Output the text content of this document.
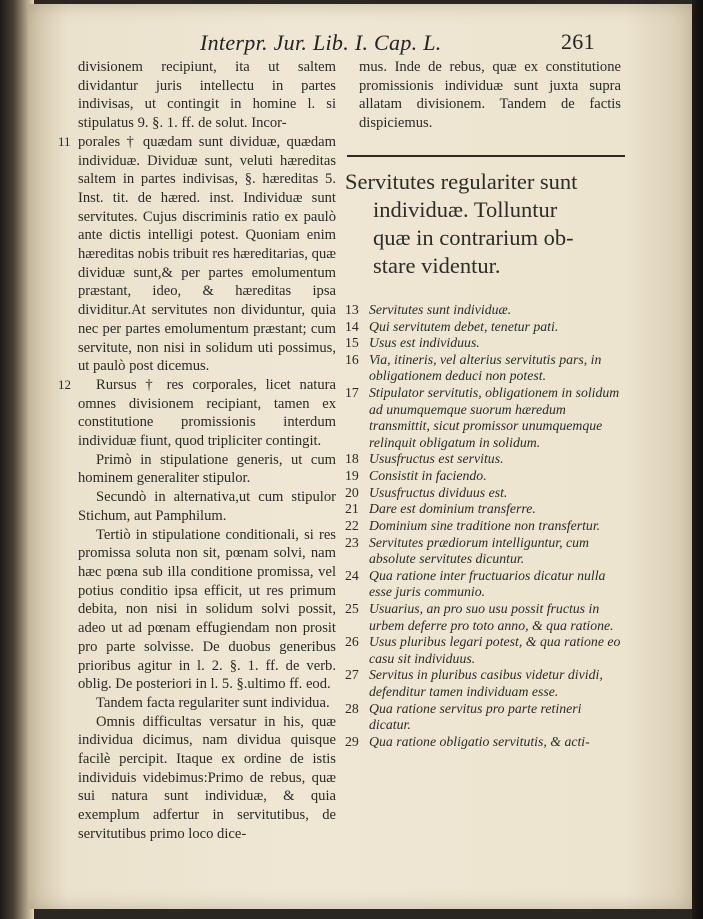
Interpr. Jur. Lib. I. Cap. L.	261

divisionem recipiunt, ita ut saltem dividantur juris intellectu in partes indivisas, ut contingit in homine l. si stipulatus 9. §. 1. ff. de solut. Incor-

11 porales † quædam sunt dividuæ, quædam individuæ. Dividuæ sunt, veluti hæreditas saltem in partes indivisas, §. hæreditas 5. Inst. tit. de hæred. inst. Individuæ sunt servitutes. Cujus discriminis ratio ex paulò ante dictis intelligi potest. Quoniam enim hæreditas nobis tribuit res hæreditarias, quæ dividuæ sunt,& per partes emolumentum præstant, ideo, & hæreditas ipsa dividitur.At servitutes non dividuntur, quia nec per partes emolumentum præstant; cum servitute, non nisi in solidum uti possimus, ut paulò post dicemus.

12 Rursus † res corporales, licet natura omnes divisionem recipiant, tamen ex constitutione promissionis interdum individuæ fiunt, quod tripliciter contingit.

Primò in stipulatione generis, ut cum hominem generaliter stipulor.

Secundò in alternativa,ut cum stipulor Stichum, aut Pamphilum.

Tertiò in stipulatione conditionali, si res promissa soluta non sit, pœnam solvi, nam hæc pœna sub illa conditione promissa, vel potius conditio ipsa efficit, ut res primum debita, non nisi in solidum solvi possit, adeo ut ad pœnam effugiendam non prosit pro parte solvisse. De duobus generibus prioribus agitur in l. 2. §. 1. ff. de verb. oblig. De posteriori in l. 5. §.ultimo ff. eod.

Tandem facta regulariter sunt individua.

Omnis difficultas versatur in his, quæ individua dicimus, nam dividua quisque facilè percipit. Itaque ex ordine de istis individuis videbimus:Primo de rebus, quæ sui natura sunt individuæ, & quia exemplum adfertur in servitutibus, de servitutibus primo loco dice-

mus. Inde de rebus, quæ ex constitutione promissionis individuæ sunt juxta supra allatam divisionem. Tandem de factis dispiciemus.

Servitutes regulariter sunt
individuæ. Tolluntur
quæ in contrarium ob-
stare videntur.
13 Servitutes sunt individuæ.
14 Qui servitutem debet, tenetur pati.
15 Usus est individuus.
16 Via, itineris, vel alterius servitutis pars, in obligationem deduci non potest.
17 Stipulator servitutis, obligationem in solidum ad unumquemque suorum hæredum transmittit, sicut promissor unumquemque relinquit obligatum in solidum.
18 Ususfructus est servitus.
19 Consistit in faciendo.
20 Ususfructus dividuus est.
21 Dare est dominium transferre.
22 Dominium sine traditione non transfertur.
23 Servitutes prædiorum intelliguntur, cum absolute servitutes dicuntur.
24 Qua ratione inter fructuarios dicatur nulla esse juris communio.
25 Usuarius, an pro suo usu possit fructus in urbem deferre pro toto anno, & qua ratione.
26 Usus pluribus legari potest, & qua ratione eo casu sit individuus.
27 Servitus in pluribus casibus videtur dividi, defenditur tamen individuam esse.
28 Qua ratione servitus pro parte retineri dicatur.
29 Qua ratione obligatio servitutis, & acti-
